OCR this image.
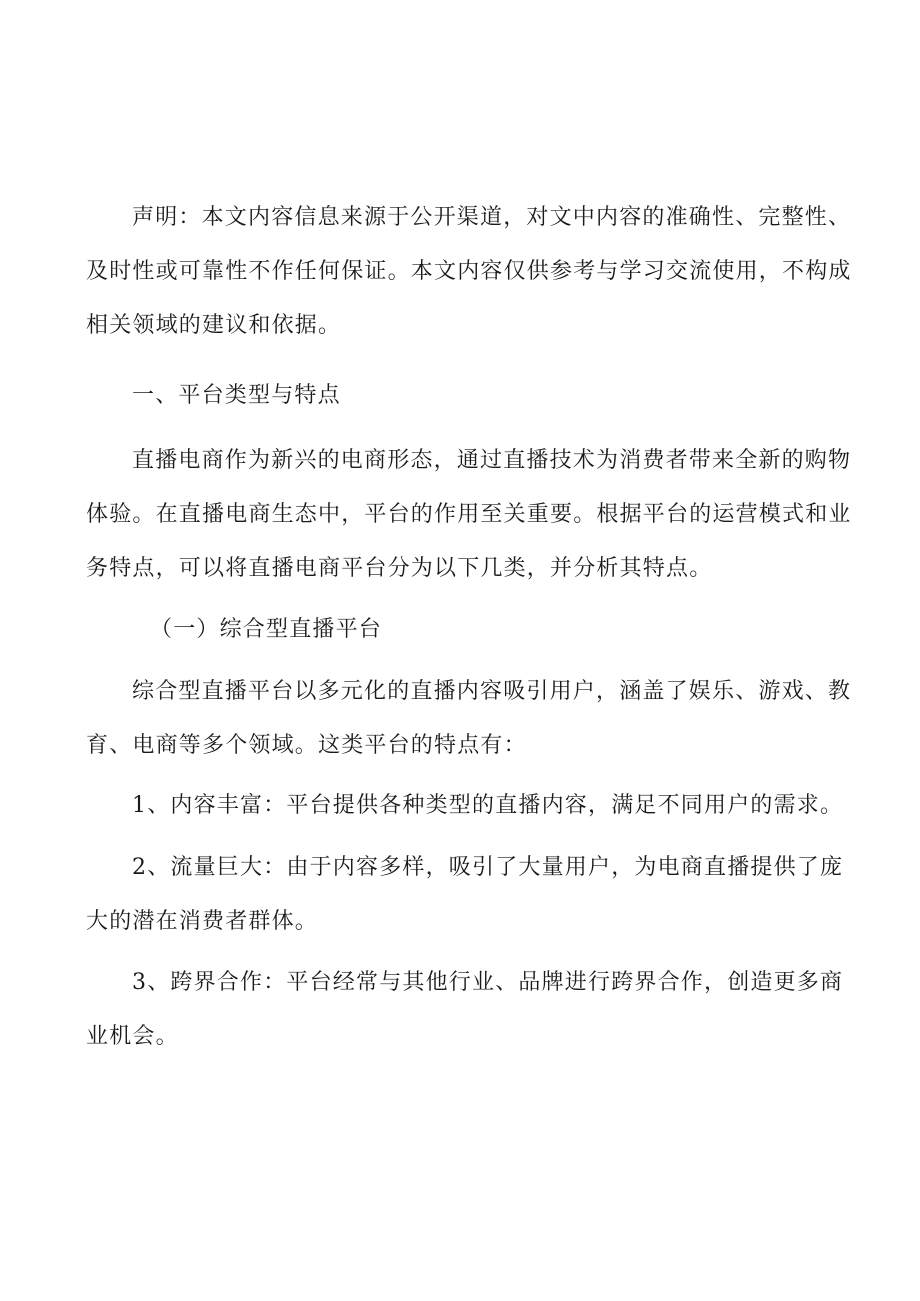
声明：本文内容信息来源于公开渠道，对文中内容的准确性、完整性、及时性或可靠性不作任何保证。本文内容仅供参考与学习交流使用，不构成相关领域的建议和依据。

一、平台类型与特点

直播电商作为新兴的电商形态，通过直播技术为消费者带来全新的购物体验。在直播电商生态中，平台的作用至关重要。根据平台的运营模式和业务特点，可以将直播电商平台分为以下几类，并分析其特点。

（一）综合型直播平台

综合型直播平台以多元化的直播内容吸引用户，涵盖了娱乐、游戏、教育、电商等多个领域。这类平台的特点有：

1、内容丰富：平台提供各种类型的直播内容，满足不同用户的需求。

2、流量巨大：由于内容多样，吸引了大量用户，为电商直播提供了庞大的潜在消费者群体。

3、跨界合作：平台经常与其他行业、品牌进行跨界合作，创造更多商业机会。
